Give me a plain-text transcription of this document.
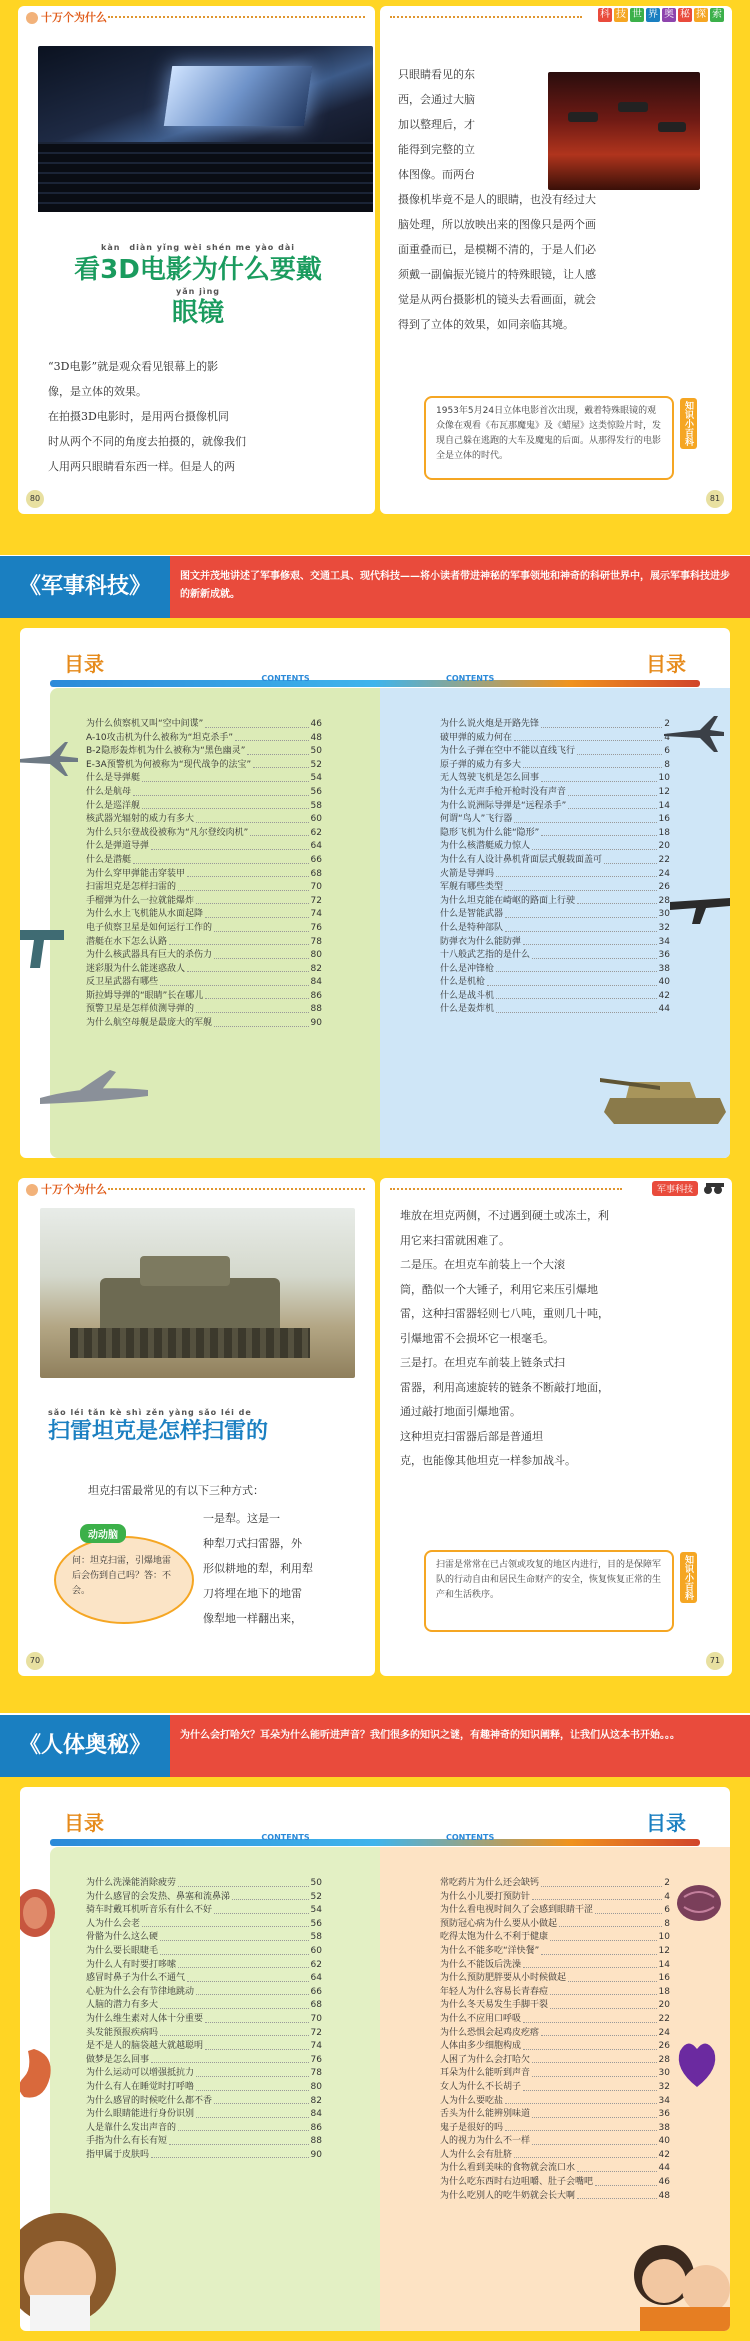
十万个为什么
kàn　diàn yǐng wèi shén me yào dài
看3D电影为什么要戴
yǎn jìng
眼镜
“3D电影”就是观众看见银幕上的影
像，是立体的效果。
在拍摄3D电影时，是用两台摄像机同
时从两个不同的角度去拍摄的，就像我们
人用两只眼睛看东西一样。但是人的两
80
科 技 世 界 奥 秘 探 索
只眼睛看见的东
西，会通过大脑
加以整理后，才
能得到完整的立
体图像。而两台
摄像机毕竟不是人的眼睛，也没有经过大
脑处理，所以放映出来的图像只是两个画
面重叠而已，是模糊不清的，于是人们必
须戴一副偏振光镜片的特殊眼镜，让人感
觉是从两台摄影机的镜头去看画面，就会
得到了立体的效果，如同亲临其境。
1953年5月24日立体电影首次出现，戴着特殊眼镜的观众像在观看《布瓦那魔鬼》及《蜡屋》这类惊险片时，发现自己躲在逃跑的大车及魔鬼的后面。从那得发行的电影全是立体的时代。
知识小百科
81
《军事科技》	图文并茂地讲述了军事修艰、交通工具、现代科技——将小读者带进神秘的军事领地和神奇的科研世界中，展示军事科技进步的新新成就。
目录	目录
CONTENTS	CONTENTS
为什么侦察机又叫“空中间谍”	46
A-10攻击机为什么被称为“坦克杀手”	48
B-2隐形轰炸机为什么被称为“黑色幽灵”	50
E-3A预警机为何被称为“现代战争的法宝”	52
什么是导弹艇	54
什么是航母	56
什么是巡洋舰	58
核武器光辐射的威力有多大	60
为什么只尔登战役被称为“凡尔登绞肉机”	62
什么是弹道导弹	64
什么是潜艇	66
为什么穿甲弹能击穿装甲	68
扫雷坦克是怎样扫雷的	70
手榴弹为什么一拉就能爆炸	72
为什么水上飞机能从水面起降	74
电子侦察卫星是如何运行工作的	76
潜艇在水下怎么认路	78
为什么核武器具有巨大的杀伤力	80
迷彩服为什么能迷惑敌人	82
反卫星武器有哪些	84
斯拉姆导弹的“眼睛”长在哪儿	86
预警卫星是怎样侦测导弹的	88
为什么航空母舰是最庞大的军舰	90
为什么说火炮是开路先锋	2
破甲弹的威力何在	4
为什么子弹在空中不能以直线飞行	6
原子弹的威力有多大	8
无人驾驶飞机是怎么回事	10
为什么无声手枪开枪时没有声音	12
为什么说洲际导弹是“远程杀手”	14
何谓“鸟人”飞行器	16
隐形飞机为什么能“隐形”	18
为什么核潜艇威力惊人	20
为什么有人设计鼻机背面层式舰载面盖可	22
火箭是导弹吗	24
军舰有哪些类型	26
为什么坦克能在崎岖的路面上行驶	28
什么是智能武器	30
什么是特种部队	32
防弹衣为什么能防弹	34
十八般武艺指的是什么	36
什么是冲锋枪	38
什么是机枪	40
什么是战斗机	42
什么是轰炸机	44
十万个为什么
sǎo léi tǎn kè shì zěn yàng sǎo léi de
扫雷坦克是怎样扫雷的
坦克扫雷最常见的有以下三种方式：
一是犁。这是一
种犁刀式扫雷器，外
形似耕地的犁，利用犁
刀将埋在地下的地雷
像犁地一样翻出来，
动动脑
问：坦克扫雷，引爆地雷后会伤到自己吗？答：不会。
70
军事科技
堆放在坦克两侧，不过遇到硬土或冻土，利
用它来扫雷就困难了。
二是压。在坦克车前装上一个大滚
筒，酷似一个大锤子，利用它来压引爆地
雷，这种扫雷器轻则七八吨，重则几十吨，
引爆地雷不会损坏它一根毫毛。
三是打。在坦克车前装上链条式扫
雷器，利用高速旋转的链条不断敲打地面，
通过敲打地面引爆地雷。
这种坦克扫雷器后部是普通坦
克，也能像其他坦克一样参加战斗。
扫雷是常常在已占领或攻复的地区内进行，目的是保障军队的行动自由和居民生命财产的安全，恢复恢复正常的生产和生活秩序。	知识小百科
71
《人体奥秘》	为什么会打哈欠？耳朵为什么能听进声音？我们很多的知识之谜，有趣神奇的知识阐释，让我们从这本书开始。。。
目录	目录
CONTENTS	CONTENTS
为什么洗澡能消除疲劳	50
为什么感冒的会发热、鼻塞和流鼻涕	52
骑车时戴耳机听音乐有什么不好	54
人为什么会老	56
骨骼为什么这么硬	58
为什么要长眼睫毛	60
为什么人有时要打哆嗦	62
感冒时鼻子为什么不通气	64
心脏为什么会有节律地跳动	66
人脑的潜力有多大	68
为什么维生素对人体十分重要	70
头发能预报疾病吗	72
是不是人的脑袋越大就越聪明	74
做梦是怎么回事	76
为什么运动可以增强抵抗力	78
为什么有人在睡觉时打呼噜	80
为什么感冒的时候吃什么都不香	82
为什么眼睛能进行身份识别	84
人是靠什么发出声音的	86
手指为什么有长有短	88
指甲属于皮肤吗	90
常吃药片为什么还会缺钙	2
为什么小儿要打预防针	4
为什么看电视时间久了会感到眼睛干涩	6
预防冠心病为什么要从小做起	8
吃得太饱为什么不利于健康	10
为什么不能多吃“洋快餐”	12
为什么不能饭后洗澡	14
为什么预防肥胖要从小时候做起	16
年轻人为什么容易长青春痘	18
为什么冬天易发生手脚干裂	20
为什么不应用口呼吸	22
为什么恐惧会起鸡皮疙瘩	24
人体由多少细胞构成	26
人困了为什么会打哈欠	28
耳朵为什么能听到声音	30
女人为什么不长胡子	32
人为什么要吃盐	34
舌头为什么能辨别味道	36
鬼子是很好的吗	38
人的视力为什么不一样	40
人为什么会有肚脐	42
为什么看到美味的食物就会流口水	44
为什么吃东西时右边咀嚼、肚子会嘴吧	46
为什么吃别人的吃牛奶就会长大啊	48
